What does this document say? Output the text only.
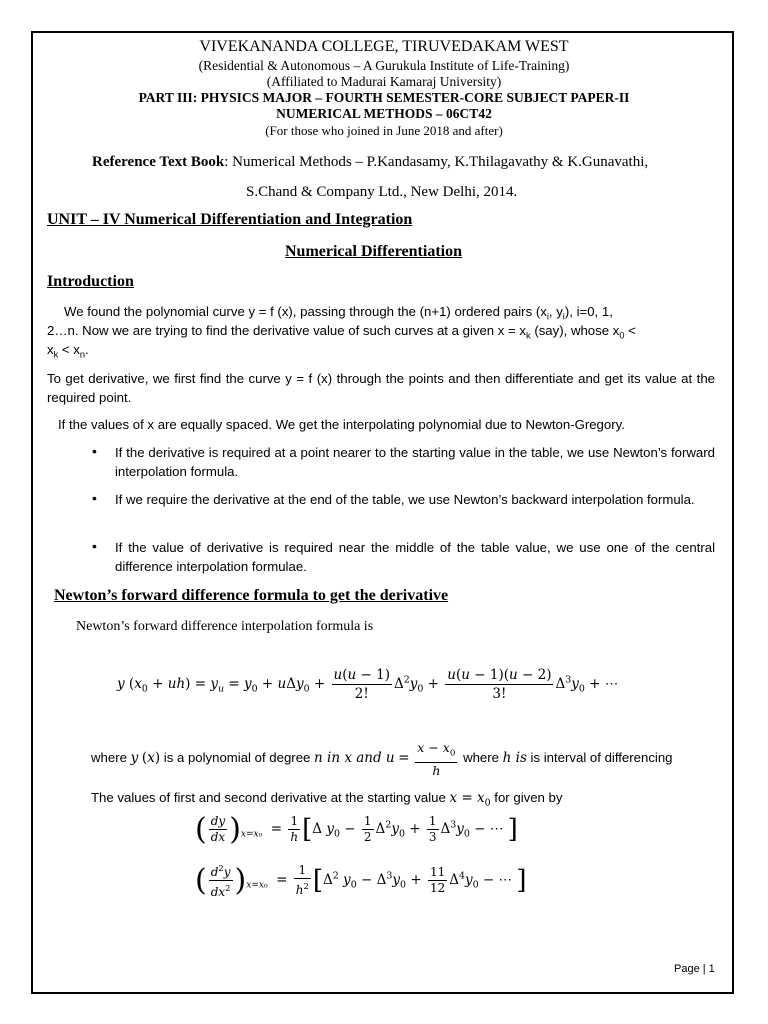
VIVEKANANDA COLLEGE, TIRUVEDAKAM WEST
(Residential & Autonomous – A Gurukula Institute of Life-Training)
(Affiliated to Madurai Kamaraj University)
PART III: PHYSICS MAJOR – FOURTH SEMESTER-CORE SUBJECT PAPER-II
NUMERICAL METHODS – 06CT42
(For those who joined in June 2018 and after)
Reference Text Book: Numerical Methods – P.Kandasamy, K.Thilagavathy & K.Gunavathi,
S.Chand & Company Ltd., New Delhi, 2014.
UNIT – IV Numerical Differentiation and Integration
Numerical Differentiation
Introduction
We found the polynomial curve y = f (x), passing through the (n+1) ordered pairs ($x_i$, $y_i$), i=0, 1,
2…n. Now we are trying to find the derivative value of such curves at a given $x = x_k$ (say), whose $x_0$ <
$x_k < x_n$.
To get derivative, we first find the curve y = f (x) through the points and then differentiate and get its value at the required point.
If the values of x are equally spaced. We get the interpolating polynomial due to Newton-Gregory.
• If the derivative is required at a point nearer to the starting value in the table, we use Newton’s forward interpolation formula.
• If we require the derivative at the end of the table, we use Newton’s backward interpolation formula.
• If the value of derivative is required near the middle of the table value, we use one of the central difference interpolation formulae.
Newton’s forward difference formula to get the derivative
Newton’s forward difference interpolation formula is
y $(x_0 + uh) = y_u = y_0 + u\Delta y_0 + \frac{u(u - 1)}{2!} \Delta^2y_0 + \frac{u(u - 1)(u - 2)}{3!} \Delta^3y_0$ + ⋯
where y (x) is a polynomial of degree n in x and $u = \frac{x - x_0}{h}$ where h is is interval of differencing
The values of first and second derivative at the starting value $x = x_0$ for given by
( $\frac{dy}{dx} )_{x=x_0} = \frac{1}{h} [\Delta$ $y_0 - \frac{1}{2} \Delta^2y_0 + \frac{1}{3} \Delta^3y_0$ − ⋯ ]
( $\frac{d^2y}{dx^2} )_{x=x_0} = \frac{1}{h^2} [\Delta^2$ $y_0 - \Delta^3y_0 + \frac{11}{12} \Delta^4y_0$ − ⋯ ]
Page | 1
